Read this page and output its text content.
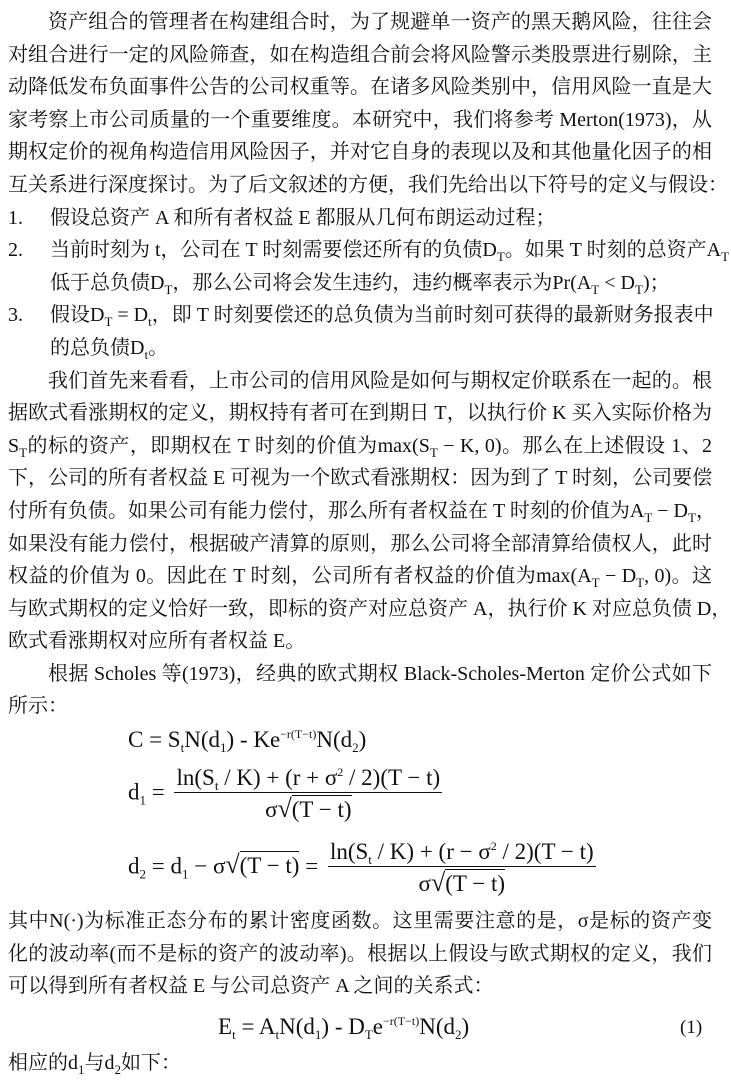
资产组合的管理者在构建组合时，为了规避单一资产的黑天鹅风险，往往会
对组合进行一定的风险筛查，如在构造组合前会将风险警示类股票进行剔除，主
动降低发布负面事件公告的公司权重等。在诸多风险类别中，信用风险一直是大
家考察上市公司质量的一个重要维度。本研究中，我们将参考 Merton(1973)，从
期权定价的视角构造信用风险因子，并对它自身的表现以及和其他量化因子的相
互关系进行深度探讨。为了后文叙述的方便，我们先给出以下符号的定义与假设：
1. 假设总资产 A 和所有者权益 E 都服从几何布朗运动过程；
2. 当前时刻为 t，公司在 T 时刻需要偿还所有的负债$D_T$。如果 T 时刻的总资产$A_T$
低于总负债$D_T$，那么公司将会发生违约，违约概率表示为$Pr(A_T < D_T)$；
3. 假设$D_T = D_t$，即 T 时刻要偿还的总负债为当前时刻可获得的最新财务报表中
的总负债$D_t$。
我们首先来看看，上市公司的信用风险是如何与期权定价联系在一起的。根
据欧式看涨期权的定义，期权持有者可在到期日 T，以执行价 K 买入实际价格为
$S_T$的标的资产，即期权在 T 时刻的价值为$\max(S_T - K$, 0)。那么在上述假设 1、2
下，公司的所有者权益 E 可视为一个欧式看涨期权：因为到了 T 时刻，公司要偿
付所有负债。如果公司有能力偿付，那么所有者权益在 T 时刻的价值为$A_T - D_T$，
如果没有能力偿付，根据破产清算的原则，那么公司将全部清算给债权人，此时
权益的价值为 0。因此在 T 时刻，公司所有者权益的价值为$\max(A_T - D_T$, 0)。这
与欧式期权的定义恰好一致，即标的资产对应总资产 A，执行价 K 对应总负债 D，
欧式看涨期权对应所有者权益 E。
根据 Scholes 等(1973)，经典的欧式期权 Black-Scholes-Merton 定价公式如下
所示：
$C = S_tN(d_1) - Ke^{-r(T-t)}N(d_2)$
$d_1 = \frac{\ln(S_t / K) + (r + \sigma^2 / 2)(T - t)}{\sigma√(T - t)}$
$d_2 = d_1 - \sigma√(T - t) = \frac{\ln(S_t / K) + (r - \sigma^2 / 2)(T - t)}{\sigma√(T - t)}$
其中N(·)为标准正态分布的累计密度函数。这里需要注意的是，σ是标的资产变
化的波动率(而不是标的资产的波动率)。根据以上假设与欧式期权的定义，我们
可以得到所有者权益 E 与公司总资产 A 之间的关系式：
$E_t = A_tN(d_1) - D_Te^{-r(T-t)}N(d_2)$	(1)
相应的$d_1$与$d_2$如下：
